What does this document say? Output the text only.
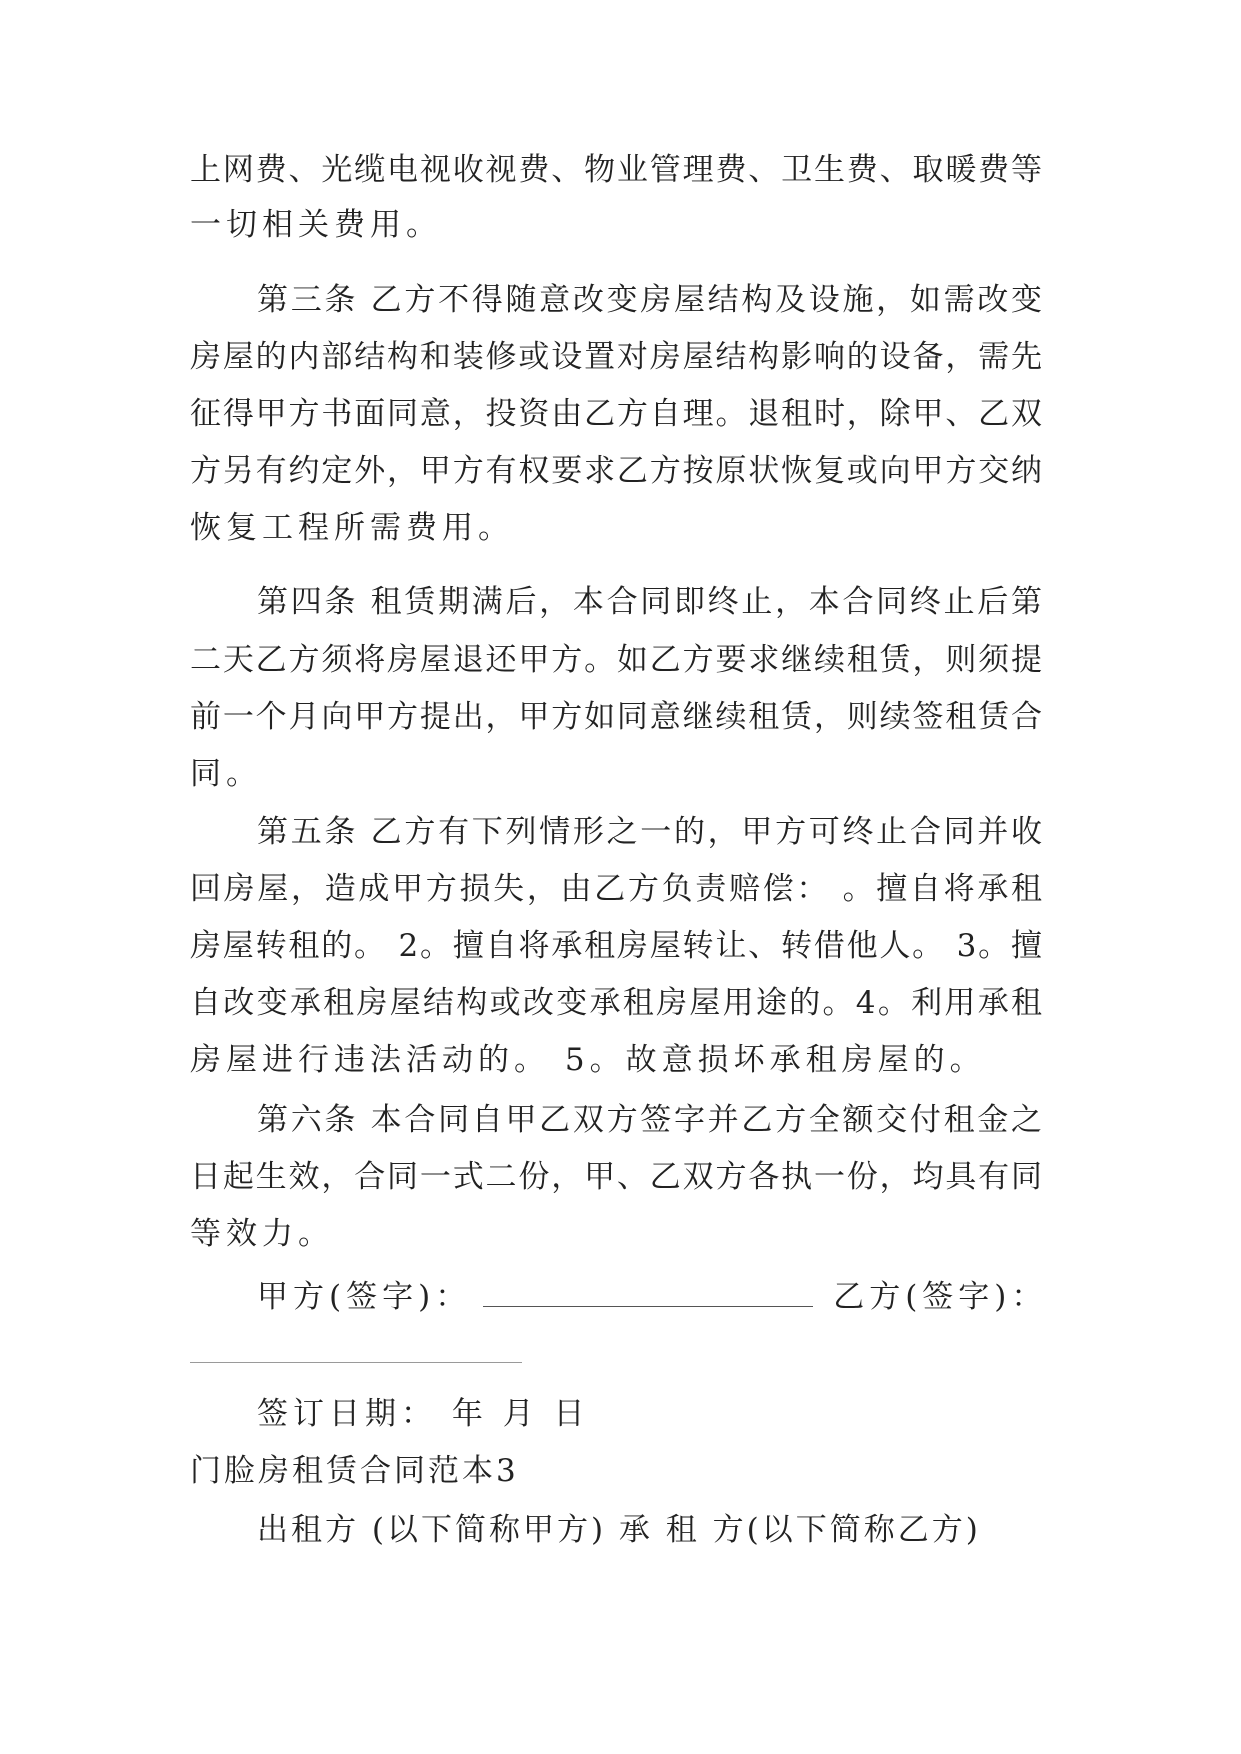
上网费、光缆电视收视费、物业管理费、卫生费、取暖费等
一切相关费用。
第三条 乙方不得随意改变房屋结构及设施，如需改变
房屋的内部结构和装修或设置对房屋结构影响的设备，需先
征得甲方书面同意，投资由乙方自理。退租时，除甲、乙双
方另有约定外，甲方有权要求乙方按原状恢复或向甲方交纳
恢复工程所需费用。
第四条 租赁期满后，本合同即终止，本合同终止后第
二天乙方须将房屋退还甲方。如乙方要求继续租赁，则须提
前一个月向甲方提出，甲方如同意继续租赁，则续签租赁合
同。
第五条 乙方有下列情形之一的，甲方可终止合同并收
回房屋，造成甲方损失，由乙方负责赔偿： 。擅自将承租
房屋转租的。 2。擅自将承租房屋转让、转借他人。 3。擅
自改变承租房屋结构或改变承租房屋用途的。4。利用承租
房屋进行违法活动的。 5。故意损坏承租房屋的。
第六条 本合同自甲乙双方签字并乙方全额交付租金之
日起生效，合同一式二份，甲、乙双方各执一份，均具有同
等效力。
甲方(签字)：	乙方(签字)：
签订日期： 年 月 日
门脸房租赁合同范本3
出租方 (以下简称甲方) 承 租 方(以下简称乙方)
